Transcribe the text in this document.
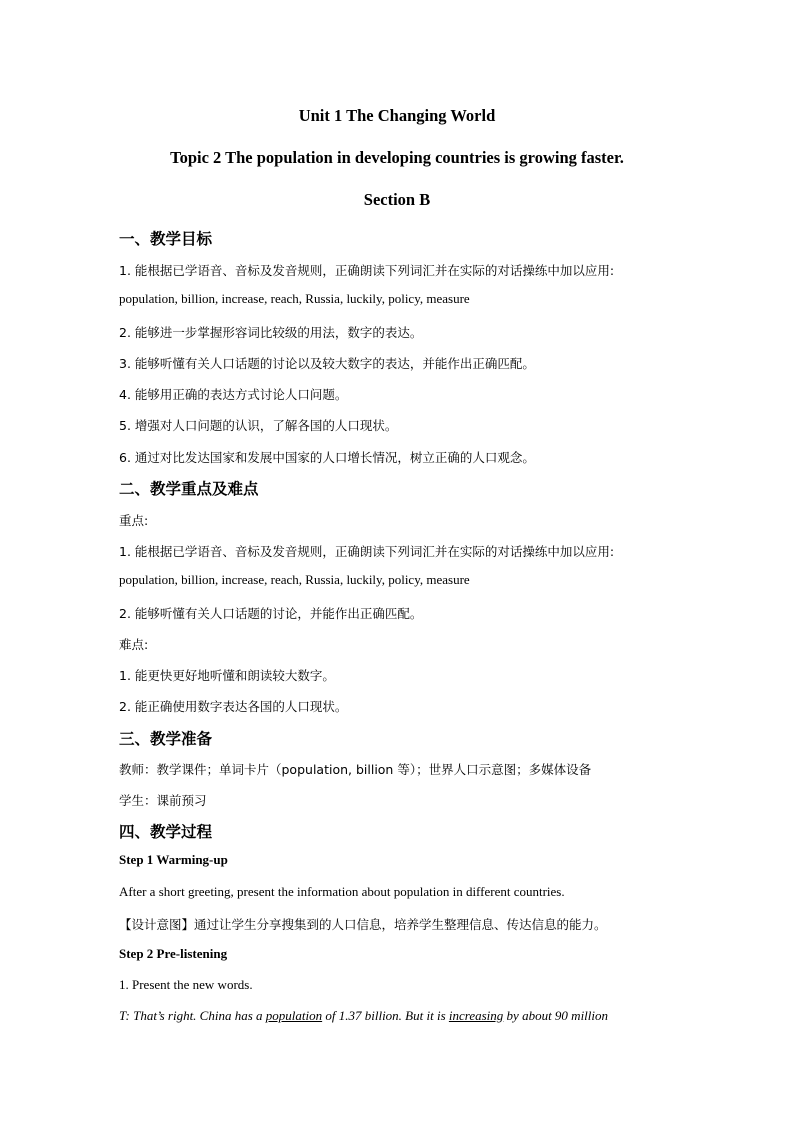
Unit 1 The Changing World
Topic 2 The population in developing countries is growing faster.
Section B
一、教学目标
1. 能根据已学语音、音标及发音规则，正确朗读下列词汇并在实际的对话操练中加以应用:
population, billion, increase, reach, Russia, luckily, policy, measure
2. 能够进一步掌握形容词比较级的用法，数字的表达。
3. 能够听懂有关人口话题的讨论以及较大数字的表达，并能作出正确匹配。
4. 能够用正确的表达方式讨论人口问题。
5. 增强对人口问题的认识，了解各国的人口现状。
6. 通过对比发达国家和发展中国家的人口增长情况，树立正确的人口观念。
二、教学重点及难点
重点:
1. 能根据已学语音、音标及发音规则，正确朗读下列词汇并在实际的对话操练中加以应用:
population, billion, increase, reach, Russia, luckily, policy, measure
2. 能够听懂有关人口话题的讨论，并能作出正确匹配。
难点:
1. 能更快更好地听懂和朗读较大数字。
2. 能正确使用数字表达各国的人口现状。
三、教学准备
教师：教学课件；单词卡片（population, billion 等）；世界人口示意图；多媒体设备
学生：课前预习
四、教学过程
Step 1 Warming-up
After a short greeting, present the information about population in different countries.
【设计意图】通过让学生分享搜集到的人口信息，培养学生整理信息、传达信息的能力。
Step 2 Pre-listening
1. Present the new words.
T: That’s right. China has a population of 1.37 billion. But it is increasing by about 90 million
